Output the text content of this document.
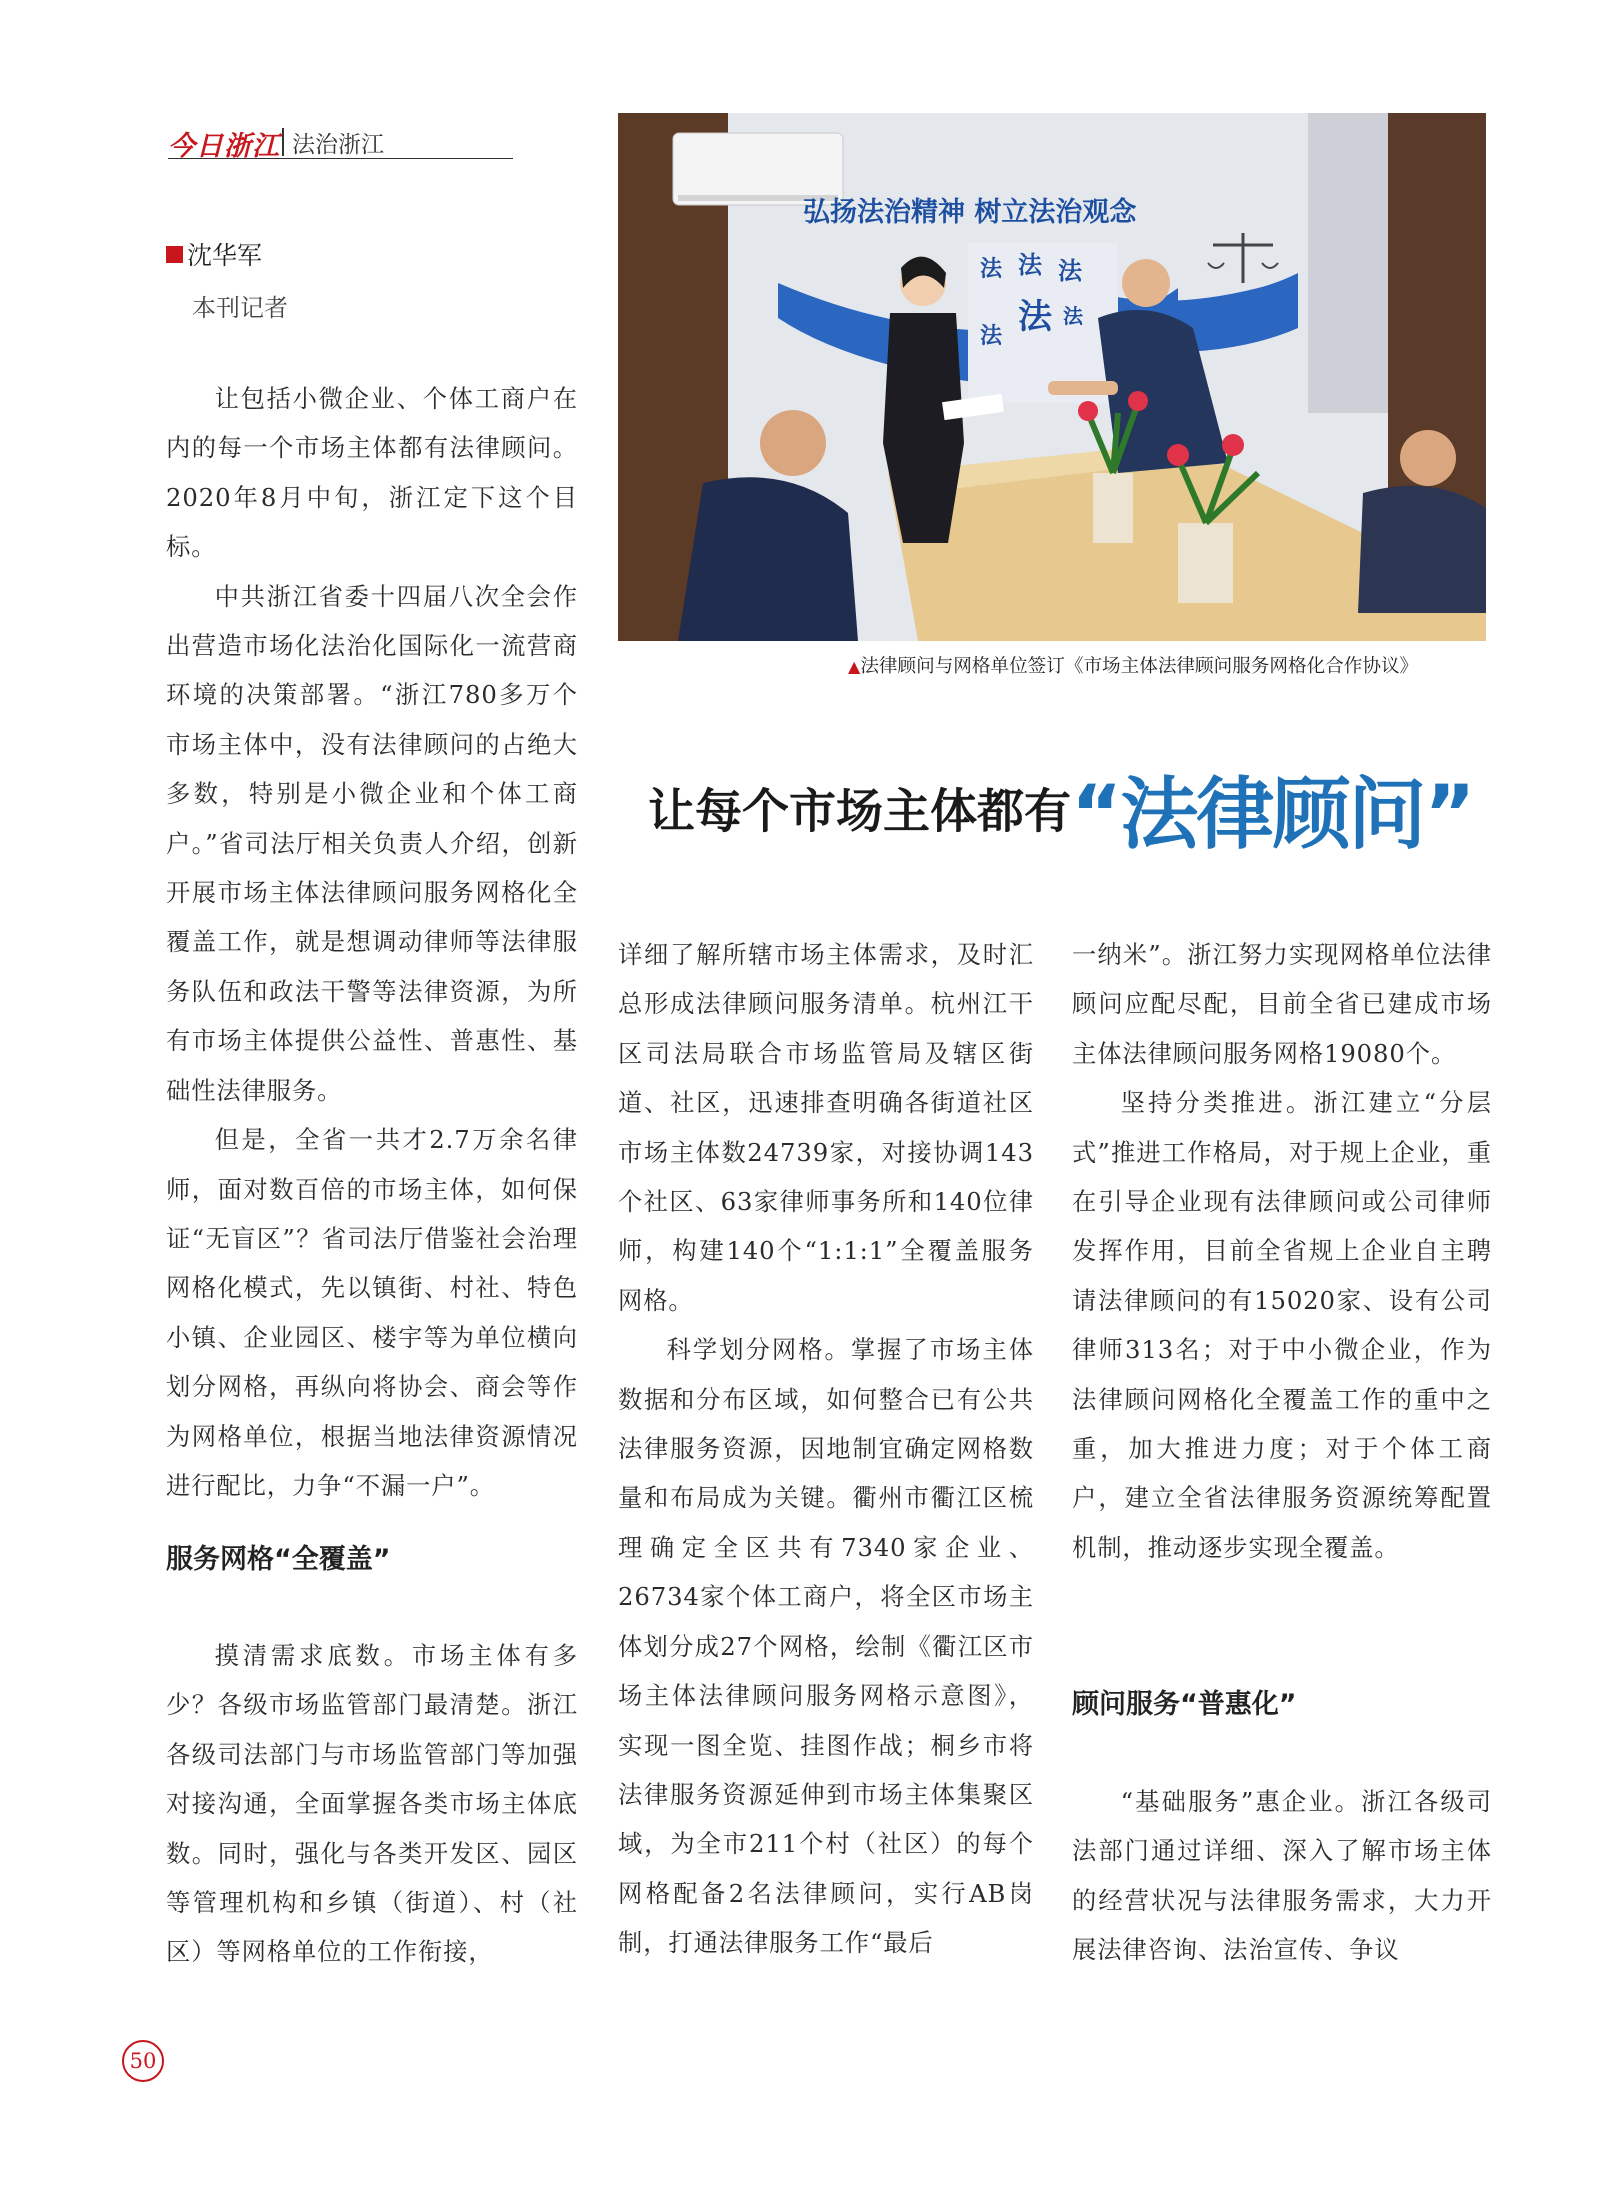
今日浙江 法治浙江
沈华军
本刊记者

让包括小微企业、个体工商户在内的每一个市场主体都有法律顾问。2020年8月中旬，浙江定下这个目标。

中共浙江省委十四届八次全会作出营造市场化法治化国际化一流营商环境的决策部署。“浙江780多万个市场主体中，没有法律顾问的占绝大多数，特别是小微企业和个体工商户。”省司法厅相关负责人介绍，创新开展市场主体法律顾问服务网格化全覆盖工作，就是想调动律师等法律服务队伍和政法干警等法律资源，为所有市场主体提供公益性、普惠性、基础性法律服务。

但是，全省一共才2.7万余名律师，面对数百倍的市场主体，如何保证“无盲区”？省司法厅借鉴社会治理网格化模式，先以镇街、村社、特色小镇、企业园区、楼宇等为单位横向划分网格，再纵向将协会、商会等作为网格单位，根据当地法律资源情况进行配比，力争“不漏一户”。

服务网格“全覆盖”

摸清需求底数。市场主体有多少？各级市场监管部门最清楚。浙江各级司法部门与市场监管部门等加强对接沟通，全面掌握各类市场主体底数。同时，强化与各类开发区、园区等管理机构和乡镇（街道）、村（社区）等网格单位的工作衔接，

弘扬法治精神 树立法治观念
法 法 法
法
法
法
▲法律顾问与网格单位签订《市场主体法律顾问服务网格化合作协议》
让每个市场主体都有“法律顾问”

详细了解所辖市场主体需求，及时汇总形成法律顾问服务清单。杭州江干区司法局联合市场监管局及辖区街道、社区，迅速排查明确各街道社区市场主体数24739家，对接协调143个社区、63家律师事务所和140位律师，构建140个“1:1:1”全覆盖服务网格。

科学划分网格。掌握了市场主体数据和分布区域，如何整合已有公共法律服务资源，因地制宜确定网格数量和布局成为关键。衢州市衢江区梳理确定全区共有7340家企业、26734家个体工商户，将全区市场主体划分成27个网格，绘制《衢江区市场主体法律顾问服务网格示意图》，实现一图全览、挂图作战；桐乡市将法律服务资源延伸到市场主体集聚区域，为全市211个村（社区）的每个网格配备2名法律顾问，实行AB岗制，打通法律服务工作“最后

一纳米”。浙江努力实现网格单位法律顾问应配尽配，目前全省已建成市场主体法律顾问服务网格19080个。

坚持分类推进。浙江建立“分层式”推进工作格局，对于规上企业，重在引导企业现有法律顾问或公司律师发挥作用，目前全省规上企业自主聘请法律顾问的有15020家、设有公司律师313名；对于中小微企业，作为法律顾问网格化全覆盖工作的重中之重，加大推进力度；对于个体工商户，建立全省法律服务资源统筹配置机制，推动逐步实现全覆盖。

顾问服务“普惠化”

“基础服务”惠企业。浙江各级司法部门通过详细、深入了解市场主体的经营状况与法律服务需求，大力开展法律咨询、法治宣传、争议

50
